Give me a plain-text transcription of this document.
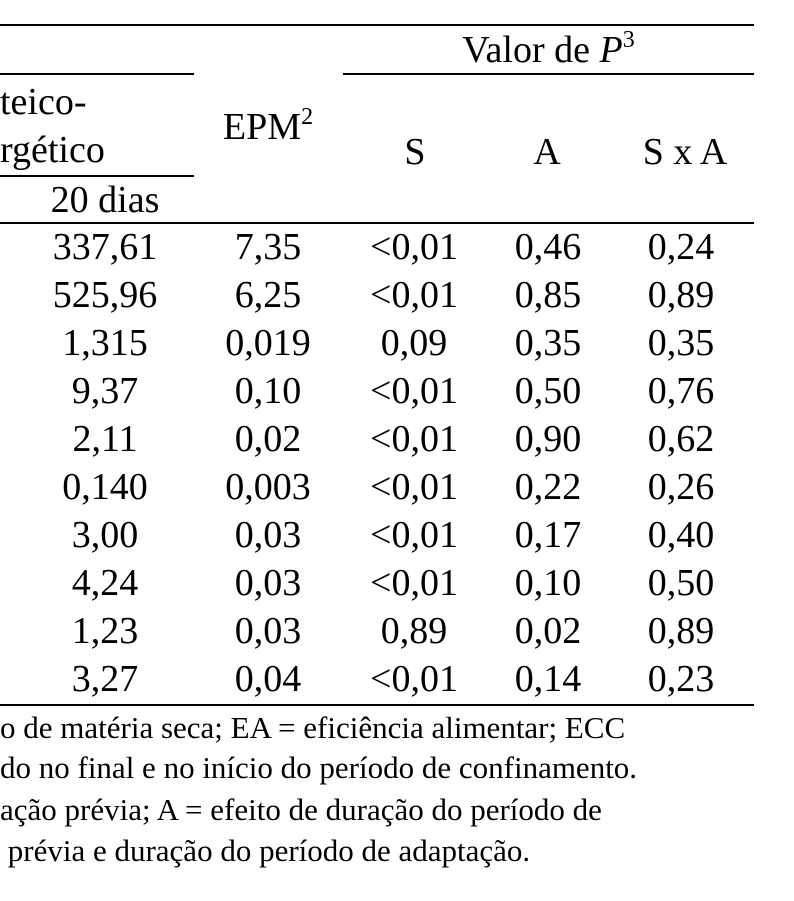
Valor de $P^3$
teico-
rgético
EPM$^2$
S	A	S x A
20 dias
337,61	7,35	<0,01	0,46	0,24
525,96	6,25	<0,01	0,85	0,89
1,315	0,019	0,09	0,35	0,35
9,37	0,10	<0,01	0,50	0,76
2,11	0,02	<0,01	0,90	0,62
0,140	0,003	<0,01	0,22	0,26
3,00	0,03	<0,01	0,17	0,40
4,24	0,03	<0,01	0,10	0,50
1,23	0,03	0,89	0,02	0,89
3,27	0,04	<0,01	0,14	0,23
o de matéria seca; EA = eficiência alimentar; ECC
do no final e no início do período de confinamento.
ação prévia; A = efeito de duração do período de
prévia e duração do período de adaptação.
